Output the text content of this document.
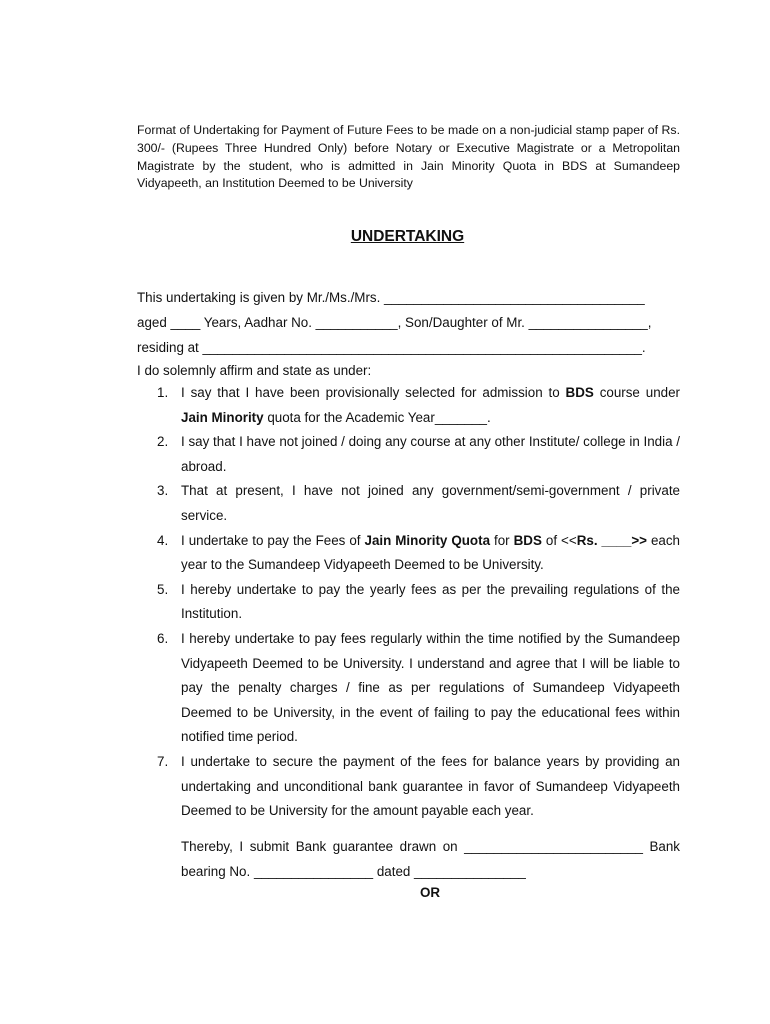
Format of Undertaking for Payment of Future Fees to be made on a non-judicial stamp paper of Rs. 300/- (Rupees Three Hundred Only) before Notary or Executive Magistrate or a Metropolitan Magistrate by the student, who is admitted in Jain Minority Quota in BDS at Sumandeep Vidyapeeth, an Institution Deemed to be University
UNDERTAKING

This undertaking is given by Mr./Ms./Mrs. ___________________________________

aged ____ Years, Aadhar No. ___________, Son/Daughter of Mr. ________________,

residing at ___________________________________________________________.

I do solemnly affirm and state as under:

1. I say that I have been provisionally selected for admission to BDS course under Jain Minority quota for the Academic Year_______.
2. I say that I have not joined / doing any course at any other Institute/ college in India / abroad.
3. That at present, I have not joined any government/semi-government / private service.
4. I undertake to pay the Fees of Jain Minority Quota for BDS of <<Rs. ____>> each year to the Sumandeep Vidyapeeth Deemed to be University.
5. I hereby undertake to pay the yearly fees as per the prevailing regulations of the Institution.
6. I hereby undertake to pay fees regularly within the time notified by the Sumandeep Vidyapeeth Deemed to be University. I understand and agree that I will be liable to pay the penalty charges / fine as per regulations of Sumandeep Vidyapeeth Deemed to be University, in the event of failing to pay the educational fees within notified time period.
7. I undertake to secure the payment of the fees for balance years by providing an undertaking and unconditional bank guarantee in favor of Sumandeep Vidyapeeth Deemed to be University for the amount payable each year.

Thereby, I submit Bank guarantee drawn on ________________________ Bank bearing No. ________________ dated _______________

OR
